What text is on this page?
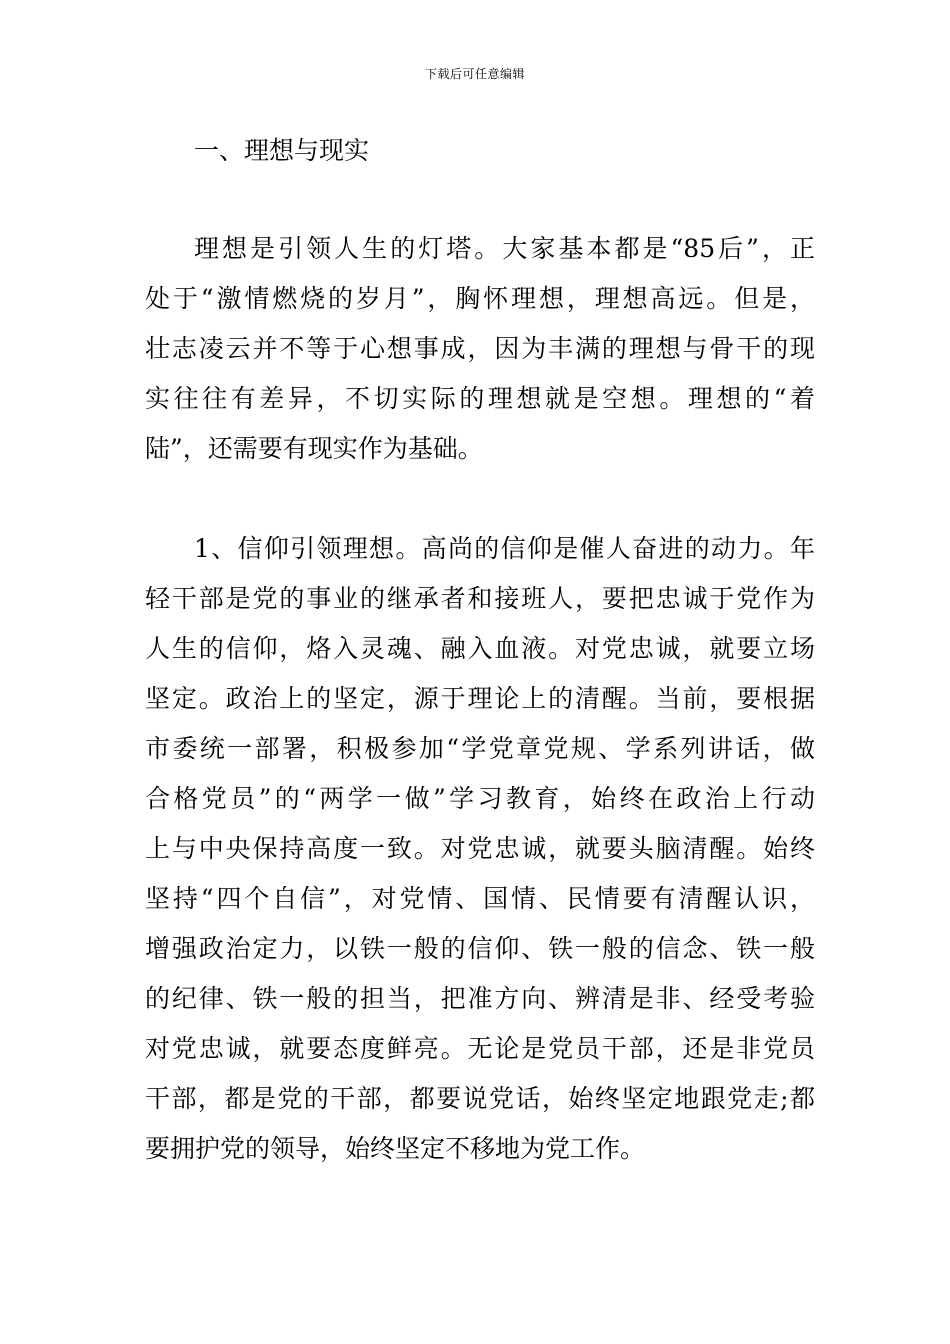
下载后可任意编辑
一、理想与现实
理想是引领人生的灯塔。大家基本都是“85后”，正
处于“激情燃烧的岁月”，胸怀理想，理想高远。但是，
壮志凌云并不等于心想事成，因为丰满的理想与骨干的现
实往往有差异，不切实际的理想就是空想。理想的“着
陆”，还需要有现实作为基础。
1、信仰引领理想。高尚的信仰是催人奋进的动力。年
轻干部是党的事业的继承者和接班人，要把忠诚于党作为
人生的信仰，烙入灵魂、融入血液。对党忠诚，就要立场
坚定。政治上的坚定，源于理论上的清醒。当前，要根据
市委统一部署，积极参加“学党章党规、学系列讲话，做
合格党员”的“两学一做”学习教育，始终在政治上行动
上与中央保持高度一致。对党忠诚，就要头脑清醒。始终
坚持“四个自信”，对党情、国情、民情要有清醒认识，
增强政治定力，以铁一般的信仰、铁一般的信念、铁一般
的纪律、铁一般的担当，把准方向、辨清是非、经受考验
对党忠诚，就要态度鲜亮。无论是党员干部，还是非党员
干部，都是党的干部，都要说党话，始终坚定地跟党走;都
要拥护党的领导，始终坚定不移地为党工作。
